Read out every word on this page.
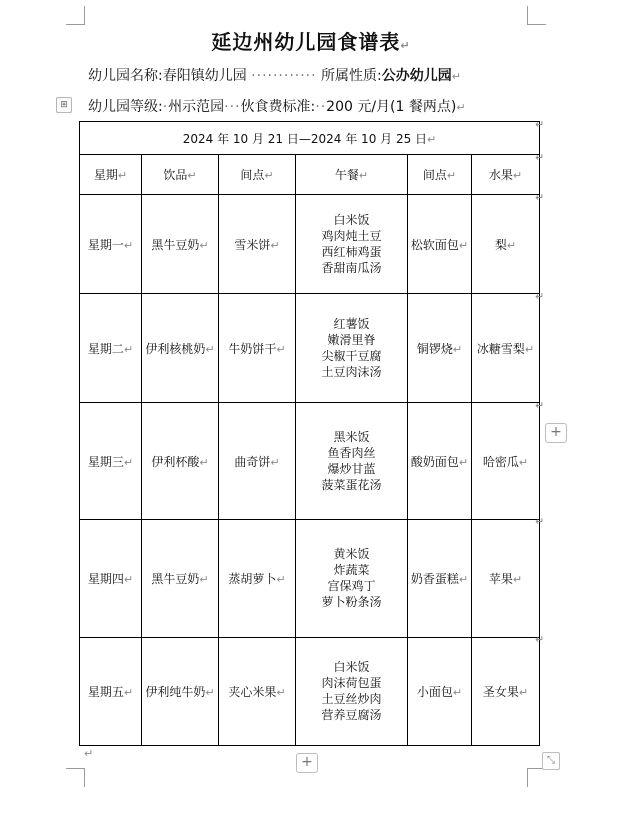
延边州幼儿园食谱表↵
幼儿园名称:春阳镇幼儿园 ············ 所属性质:公办幼儿园↵
⊞	幼儿园等级:·州示范园···伙食费标准:··200 元/月(1 餐两点)↵
2024 年 10 月 21 日—2024 年 10 月 25 日↵					
星期↵	饮品↵	间点↵	午餐↵	间点↵	水果↵
星期一↵	黑牛豆奶↵	雪米饼↵	白米饭
鸡肉炖土豆
西红柿鸡蛋
香甜南瓜汤	松软面包↵	梨↵
星期二↵	伊利核桃奶↵	牛奶饼干↵	红薯饭
嫩滑里脊
尖椒干豆腐
土豆肉沫汤	铜锣烧↵	冰糖雪梨↵
星期三↵	伊利杯酸↵	曲奇饼↵	黑米饭
鱼香肉丝
爆炒甘蓝
菠菜蛋花汤	酸奶面包↵	哈密瓜↵
星期四↵	黑牛豆奶↵	蒸胡萝卜↵	黄米饭
炸蔬菜
宫保鸡丁
萝卜粉条汤	奶香蛋糕↵	苹果↵
星期五↵	伊利纯牛奶↵	夹心米果↵	白米饭
肉沫荷包蛋
土豆丝炒肉
营养豆腐汤	小面包↵	圣女果↵
↵
↵
↵
↵
↵
↵
↵
+
+	⤡
↵
